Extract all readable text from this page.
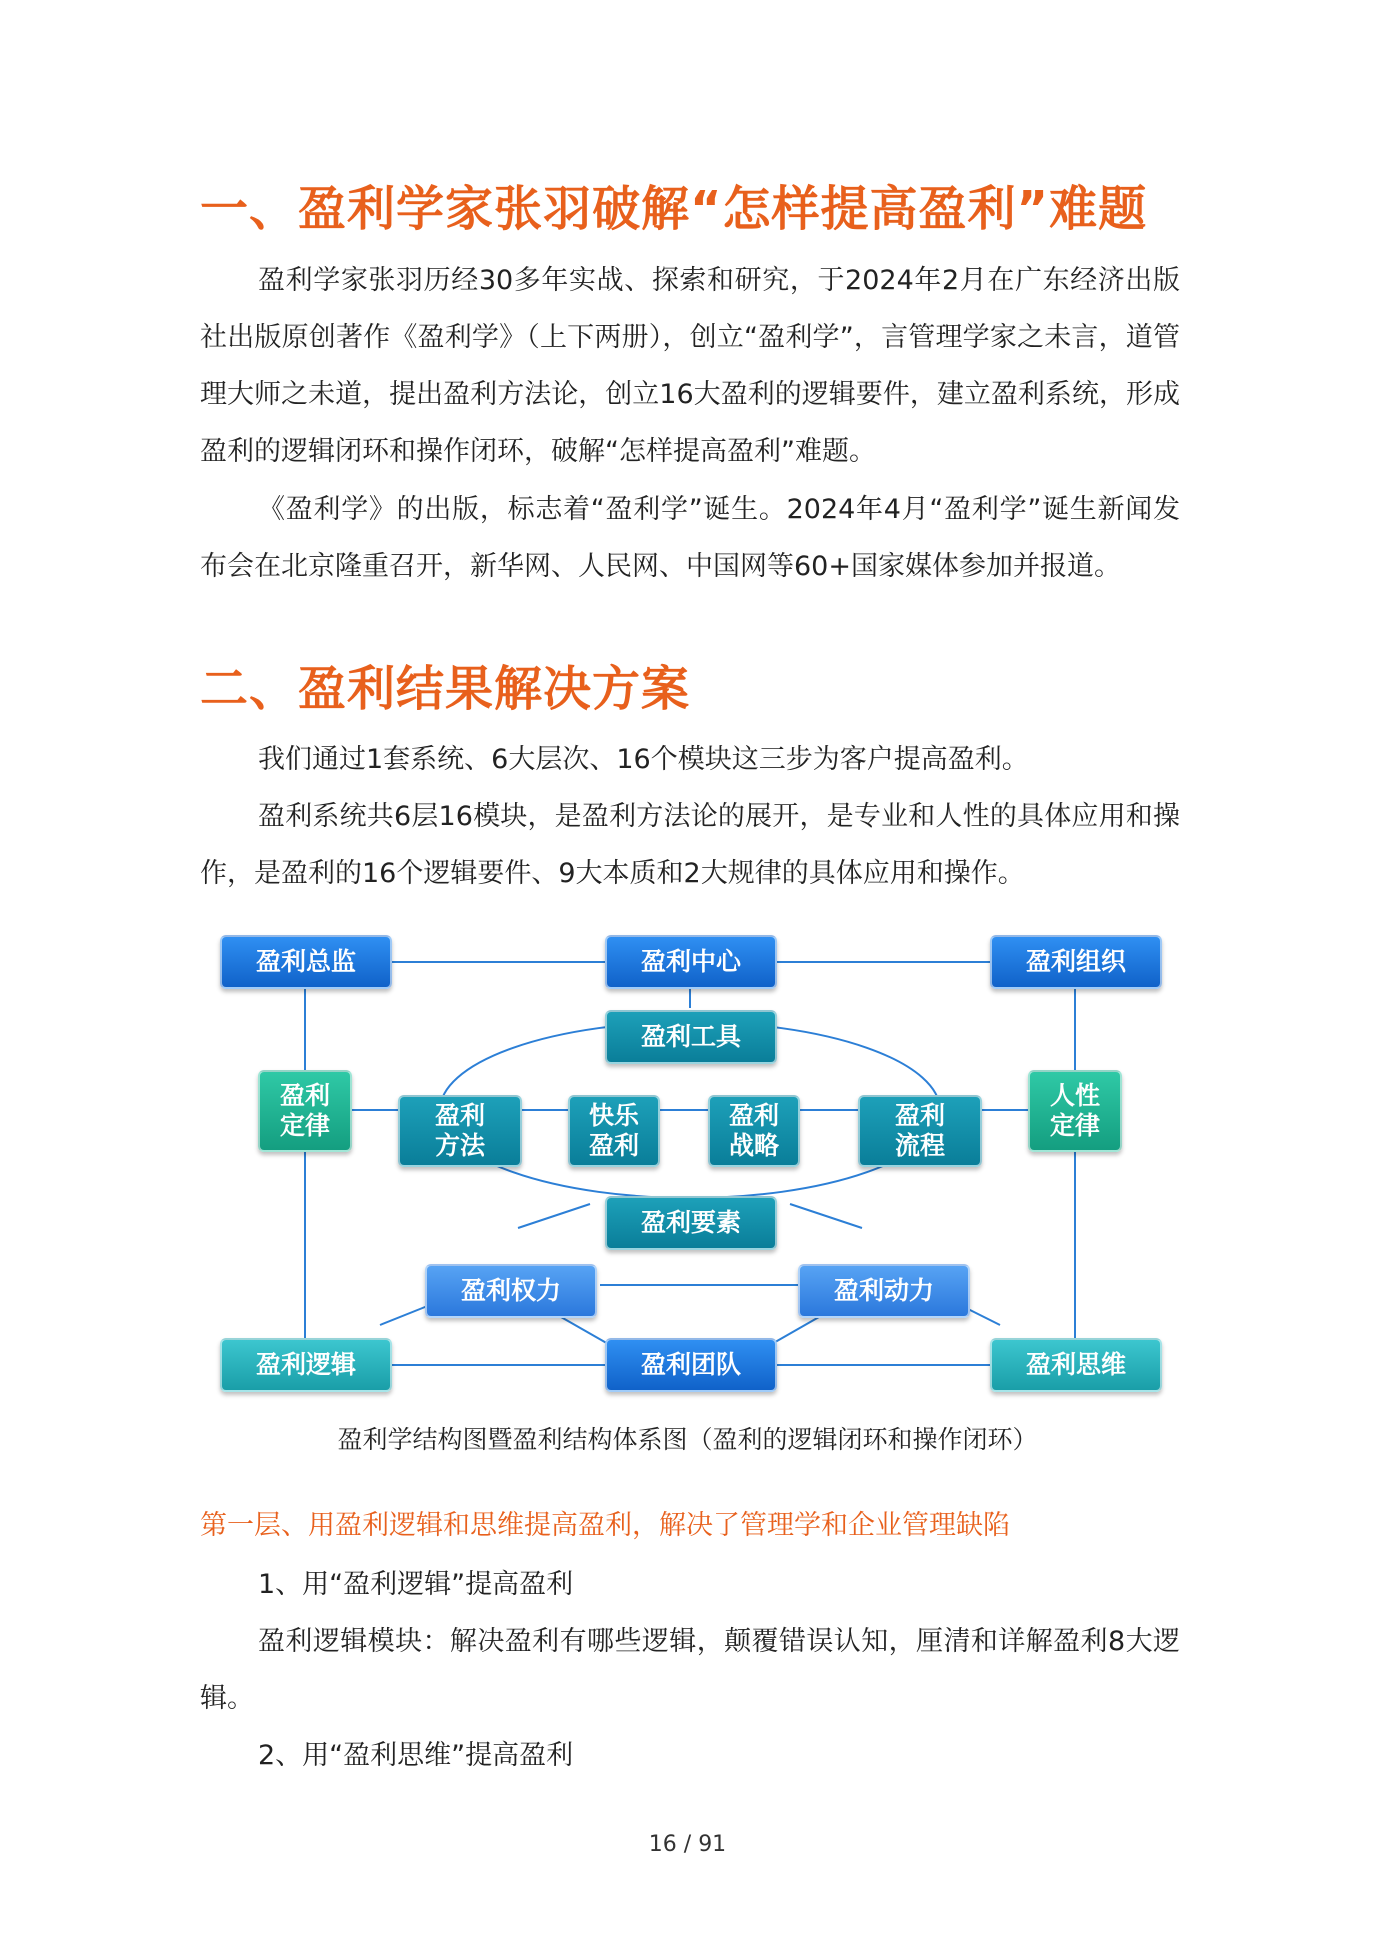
一、盈利学家张羽破解“怎样提高盈利”难题

盈利学家张羽历经30多年实战、探索和研究，于2024年2月在广东经济出版社出版原创著作《盈利学》（上下两册），创立“盈利学”，言管理学家之未言，道管理大师之未道，提出盈利方法论，创立16大盈利的逻辑要件，建立盈利系统，形成盈利的逻辑闭环和操作闭环，破解“怎样提高盈利”难题。

《盈利学》的出版，标志着“盈利学”诞生。2024年4月“盈利学”诞生新闻发布会在北京隆重召开，新华网、人民网、中国网等60+国家媒体参加并报道。

二、盈利结果解决方案

我们通过1套系统、6大层次、16个模块这三步为客户提高盈利。

盈利系统共6层16模块，是盈利方法论的展开，是专业和人性的具体应用和操作，是盈利的16个逻辑要件、9大本质和2大规律的具体应用和操作。

盈利总监	盈利中心	盈利组织
盈利工具
盈利
定律	盈利
方法
快乐
盈利
盈利
战略
盈利
流程
人性
定律
盈利要素
盈利权力	盈利动力
盈利逻辑	盈利团队	盈利思维

盈利学结构图暨盈利结构体系图（盈利的逻辑闭环和操作闭环）

第一层、用盈利逻辑和思维提高盈利，解决了管理学和企业管理缺陷

1、用“盈利逻辑”提高盈利

盈利逻辑模块：解决盈利有哪些逻辑，颠覆错误认知，厘清和详解盈利8大逻辑。

2、用“盈利思维”提高盈利

16 / 91
